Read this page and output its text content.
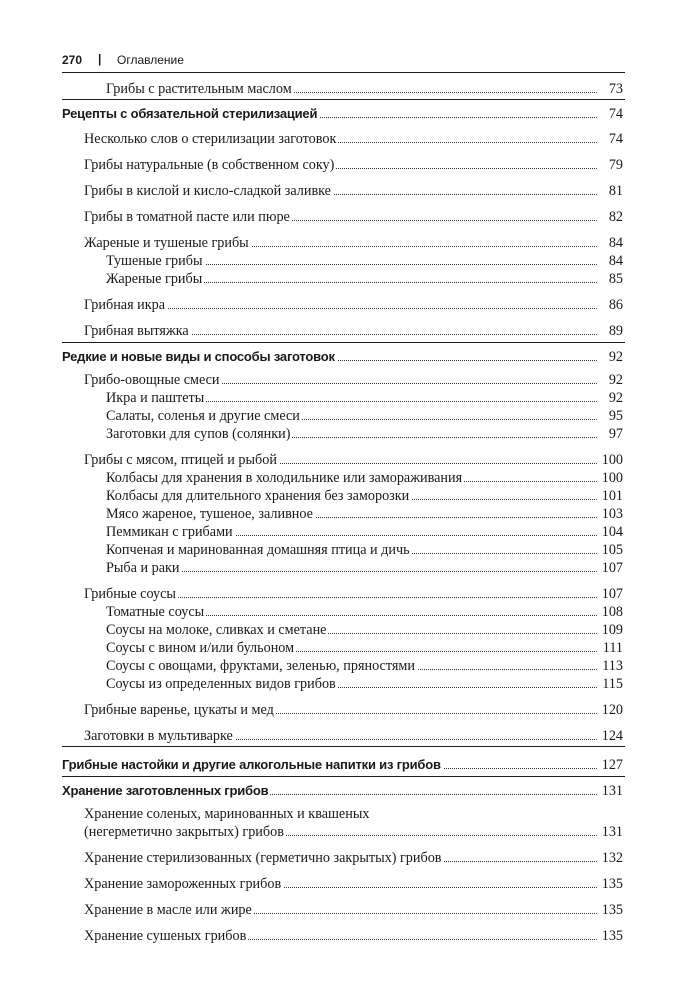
270 | Оглавление
Грибы с растительным маслом	73
Рецепты с обязательной стерилизацией	74
Несколько слов о стерилизации заготовок	74
Грибы натуральные (в собственном соку)	79
Грибы в кислой и кисло-сладкой заливке	81
Грибы в томатной пасте или пюре	82
Жареные и тушеные грибы	84
Тушеные грибы	84
Жареные грибы	85
Грибная икра	86
Грибная вытяжка	89
Редкие и новые виды и способы заготовок	92
Грибо-овощные смеси	92
Икра и паштеты	92
Салаты, соленья и другие смеси	95
Заготовки для супов (солянки)	97
Грибы с мясом, птицей и рыбой	100
Колбасы для хранения в холодильнике или замораживания	100
Колбасы для длительного хранения без заморозки	101
Мясо жареное, тушеное, заливное	103
Пеммикан с грибами	104
Копченая и маринованная домашняя птица и дичь	105
Рыба и раки	107
Грибные соусы	107
Томатные соусы	108
Соусы на молоке, сливках и сметане	109
Соусы с вином и/или бульоном	111
Соусы с овощами, фруктами, зеленью, пряностями	113
Соусы из определенных видов грибов	115
Грибные варенье, цукаты и мед	120
Заготовки в мультиварке	124
Грибные настойки и другие алкогольные напитки из грибов	127
Хранение заготовленных грибов	131
Хранение соленых, маринованных и квашеных
(негерметично закрытых) грибов	131
Хранение стерилизованных (герметично закрытых) грибов	132
Хранение замороженных грибов	135
Хранение в масле или жире	135
Хранение сушеных грибов	135
